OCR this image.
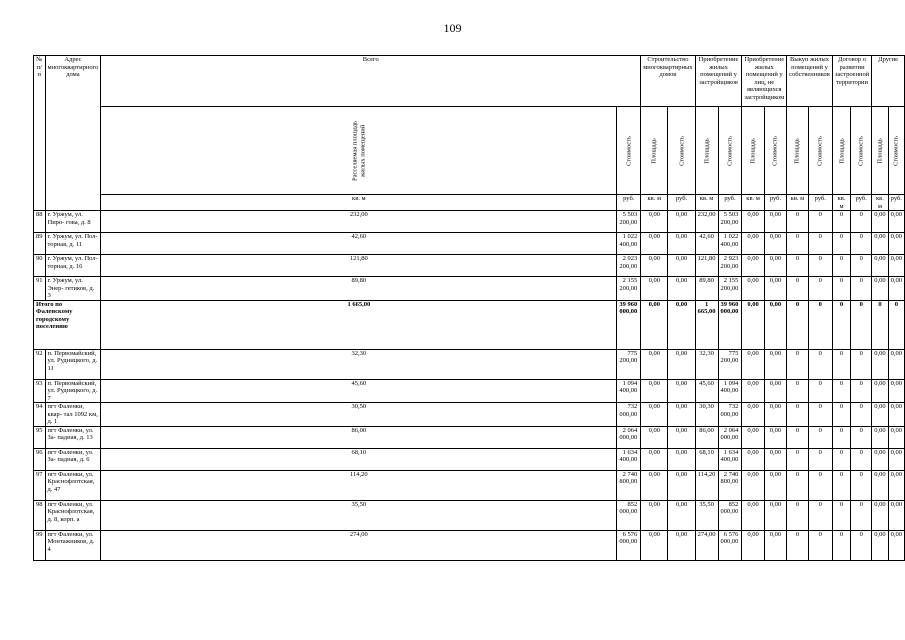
109
№ п/п	Адрес многоквартирного дома	Всего		Строительство многоквартирных домов		Приобретение жилых помещений у застройщиков		Приобретение жилых помещений у лиц, не являющихся застройщиком		Выкуп жилых помещений у собственников		Договор о развитии застроенной территории		Другие	

		Расселяемая площадь жилых помещений	Стоимость	Площадь	Стоимость	Площадь	Стоимость	Площадь	Стоимость	Площадь	Стоимость	Площадь	Стоимость	Площадь	Стоимость

		кв. м	руб.	кв. м	руб.	кв. м	руб.	кв. м	руб.	кв. м	руб.	кв. м	руб.	кв. м	руб.
88	г. Уржум, ул. Пиро- гова, д. 8	232,00	5 503 200,00	0,00	0,00	232,00	5 503 200,00	0,00	0,00	0	0	0	0	0,00	0,00
89	г. Уржум, ул. Пол- торная, д. 11	42,60	1 022 400,00	0,00	0,00	42,60	1 022 400,00	0,00	0,00	0	0	0	0	0,00	0,00
90	г. Уржум, ул. Пол- торная, д. 16	121,80	2 923 200,00	0,00	0,00	121,80	2 923 200,00	0,00	0,00	0	0	0	0	0,00	0,00
91	г. Уржум, ул. Энер- гетиков, д. 3	89,80	2 155 200,00	0,00	0,00	89,80	2 155 200,00	0,00	0,00	0	0	0	0	0,00	0,00
Итого по Фаленскому городскому поселению		1 665,00	39 960 000,00	0,00	0,00	1 665,00	39 960 000,00	0,00	0,00	0	0	0	0	0	0
92	п. Первомайский, ул. Рудницкого, д. 11	32,30	775 200,00	0,00	0,00	32,30	775 200,00	0,00	0,00	0	0	0	0	0,00	0,00
93	п. Первомайский, ул. Рудницкого, д. 7	45,60	1 094 400,00	0,00	0,00	45,60	1 094 400,00	0,00	0,00	0	0	0	0	0,00	0,00
94	пгт Фаленки, квар- тал 1092 км, д. 1	30,50	732 000,00	0,00	0,00	30,30	732 000,00	0,00	0,00	0	0	0	0	0,00	0,00
95	пгт Фаленки, ул. За- падная, д. 13	86,00	2 064 000,00	0,00	0,00	86,00	2 064 000,00	0,00	0,00	0	0	0	0	0,00	0,00
96	пгт Фаленки, ул. За- падная, д. 6	68,10	1 634 400,00	0,00	0,00	68,10	1 634 400,00	0,00	0,00	0	0	0	0	0,00	0,00
97	пгт Фаленки, ул. Краснофлотская, д. 47	114,20	2 740 800,00	0,00	0,00	114,20	2 740 800,00	0,00	0,00	0	0	0	0	0,00	0,00
98	пгт Фаленки, ул. Краснофлотская, д. 8, корп. а	35,50	852 000,00	0,00	0,00	35,50	852 000,00	0,00	0,00	0	0	0	0	0,00	0,00
99	пгт Фаленки, ул. Монтажников, д. 4	274,00	6 576 000,00	0,00	0,00	274,00	6 576 000,00	0,00	0,00	0	0	0	0	0,00	0,00
